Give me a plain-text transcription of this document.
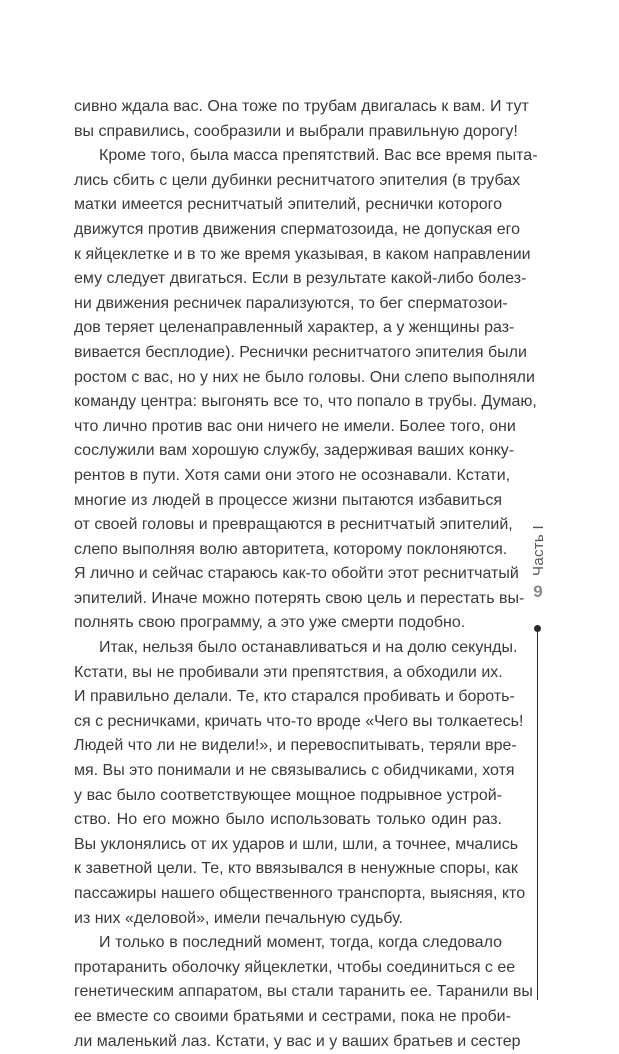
сивно ждала вас. Она тоже по трубам двигалась к вам. И тут
вы справились, сообразили и выбрали правильную дорогу!
Кроме того, была масса препятствий. Вас все время пыта-
лись сбить с цели дубинки реснитчатого эпителия (в трубах
матки имеется реснитчатый эпителий, реснички которого
движутся против движения сперматозоида, не допуская его
к яйцеклетке и в то же время указывая, в каком направлении
ему следует двигаться. Если в результате какой-либо болез-
ни движения ресничек парализуются, то бег сперматозои-
дов теряет целенаправленный характер, а у женщины раз-
вивается бесплодие). Реснички реснитчатого эпителия были
ростом с вас, но у них не было головы. Они слепо выполняли
команду центра: выгонять все то, что попало в трубы. Думаю,
что лично против вас они ничего не имели. Более того, они
сослужили вам хорошую службу, задерживая ваших конку-
рентов в пути. Хотя сами они этого не осознавали. Кстати,
многие из людей в процессе жизни пытаются избавиться
от своей головы и превращаются в реснитчатый эпителий,
слепо выполняя волю авторитета, которому поклоняются.
Я лично и сейчас стараюсь как-то обойти этот реснитчатый
эпителий. Иначе можно потерять свою цель и перестать вы-
полнять свою программу, а это уже смерти подобно.
Итак, нельзя было останавливаться и на долю секунды.
Кстати, вы не пробивали эти препятствия, а обходили их.
И правильно делали. Те, кто старался пробивать и бороть-
ся с ресничками, кричать что-то вроде «Чего вы толкаетесь!
Людей что ли не видели!», и перевоспитывать, теряли вре-
мя. Вы это понимали и не связывались с обидчиками, хотя
у вас было соответствующее мощное подрывное устрой-
ство. Но его можно было использовать только один раз.
Вы уклонялись от их ударов и шли, шли, а точнее, мчались
к заветной цели. Те, кто ввязывался в ненужные споры, как
пассажиры нашего общественного транспорта, выясняя, кто
из них «деловой», имели печальную судьбу.
И только в последний момент, тогда, когда следовало
протаранить оболочку яйцеклетки, чтобы соединиться с ее
генетическим аппаратом, вы стали таранить ее. Таранили вы
ее вместе со своими братьями и сестрами, пока не проби-
ли маленький лаз. Кстати, у вас и у ваших братьев и сестер
Часть I
9
